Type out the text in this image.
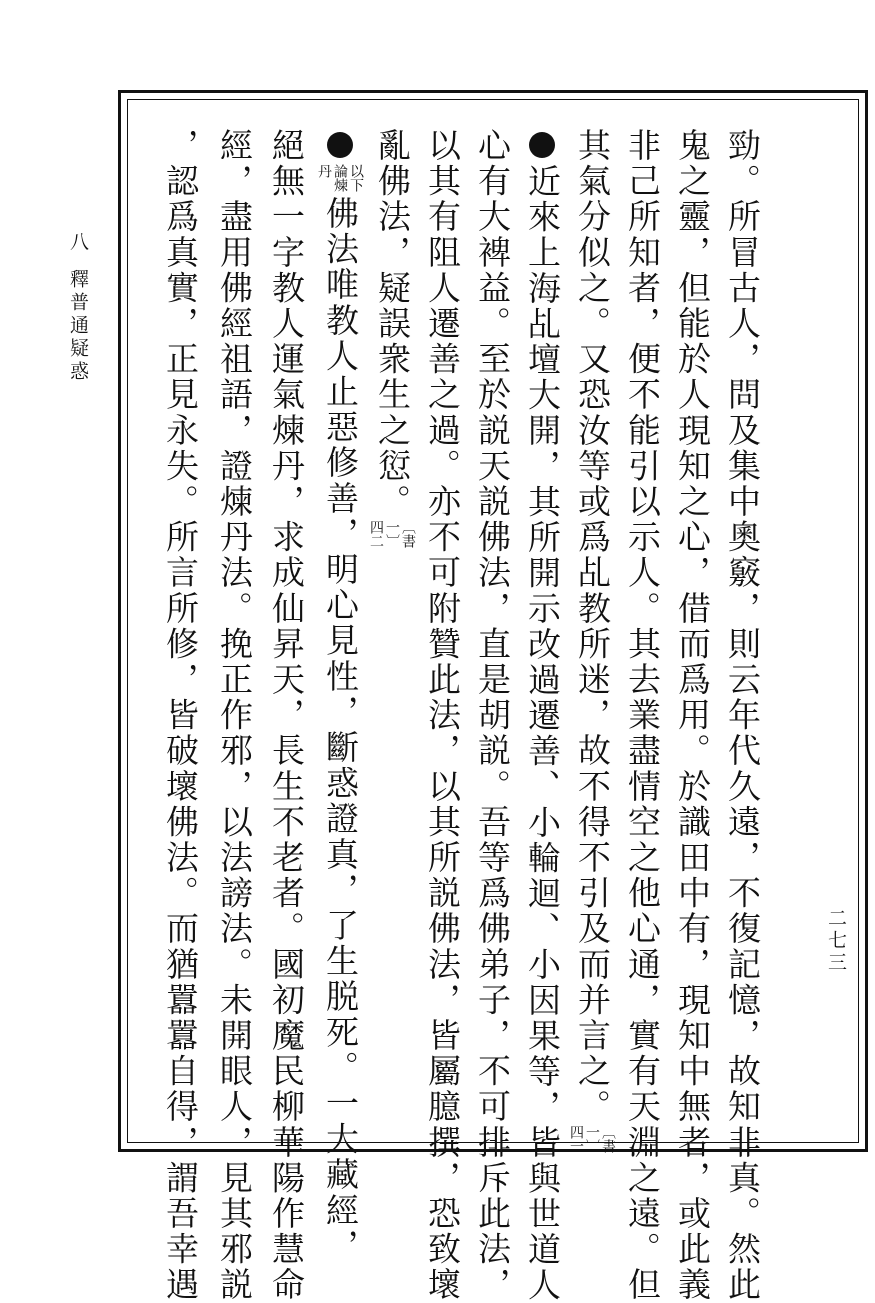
八釋普通疑惑
二七三
勁。所冒古人，問及集中奧竅，則云年代久遠，不復記憶，故知非真。然此
鬼之靈，但能於人現知之心，借而爲用。於識田中有，現知中無者，或此義
非己所知者，便不能引以示人。其去業盡情空之他心通，實有天淵之遠。但
其氣分似之。又恐汝等或爲乩教所迷，故不得不引及而并言之。〔書一〕四一
近來上海乩壇大開，其所開示改過遷善、小輪迴、小因果等，皆與世道人
心有大裨益。至於説天説佛法，直是胡説。吾等爲佛弟子，不可排斥此法，
以其有阻人遷善之過。亦不可附贊此法，以其所説佛法，皆屬臆撰，恐致壞
亂佛法，疑誤衆生之愆。〔書一〕四二
以下論煉丹佛法唯教人止惡修善，明心見性，斷惑證真，了生脱死。一大藏經，
絕無一字教人運氣煉丹，求成仙昇天，長生不老者。國初魔民柳華陽作慧命
經，盡用佛經祖語，證煉丹法。挽正作邪，以法謗法。未開眼人，見其邪説
，認爲真實，正見永失。所言所修，皆破壞佛法。而猶囂囂自得，謂吾幸遇
